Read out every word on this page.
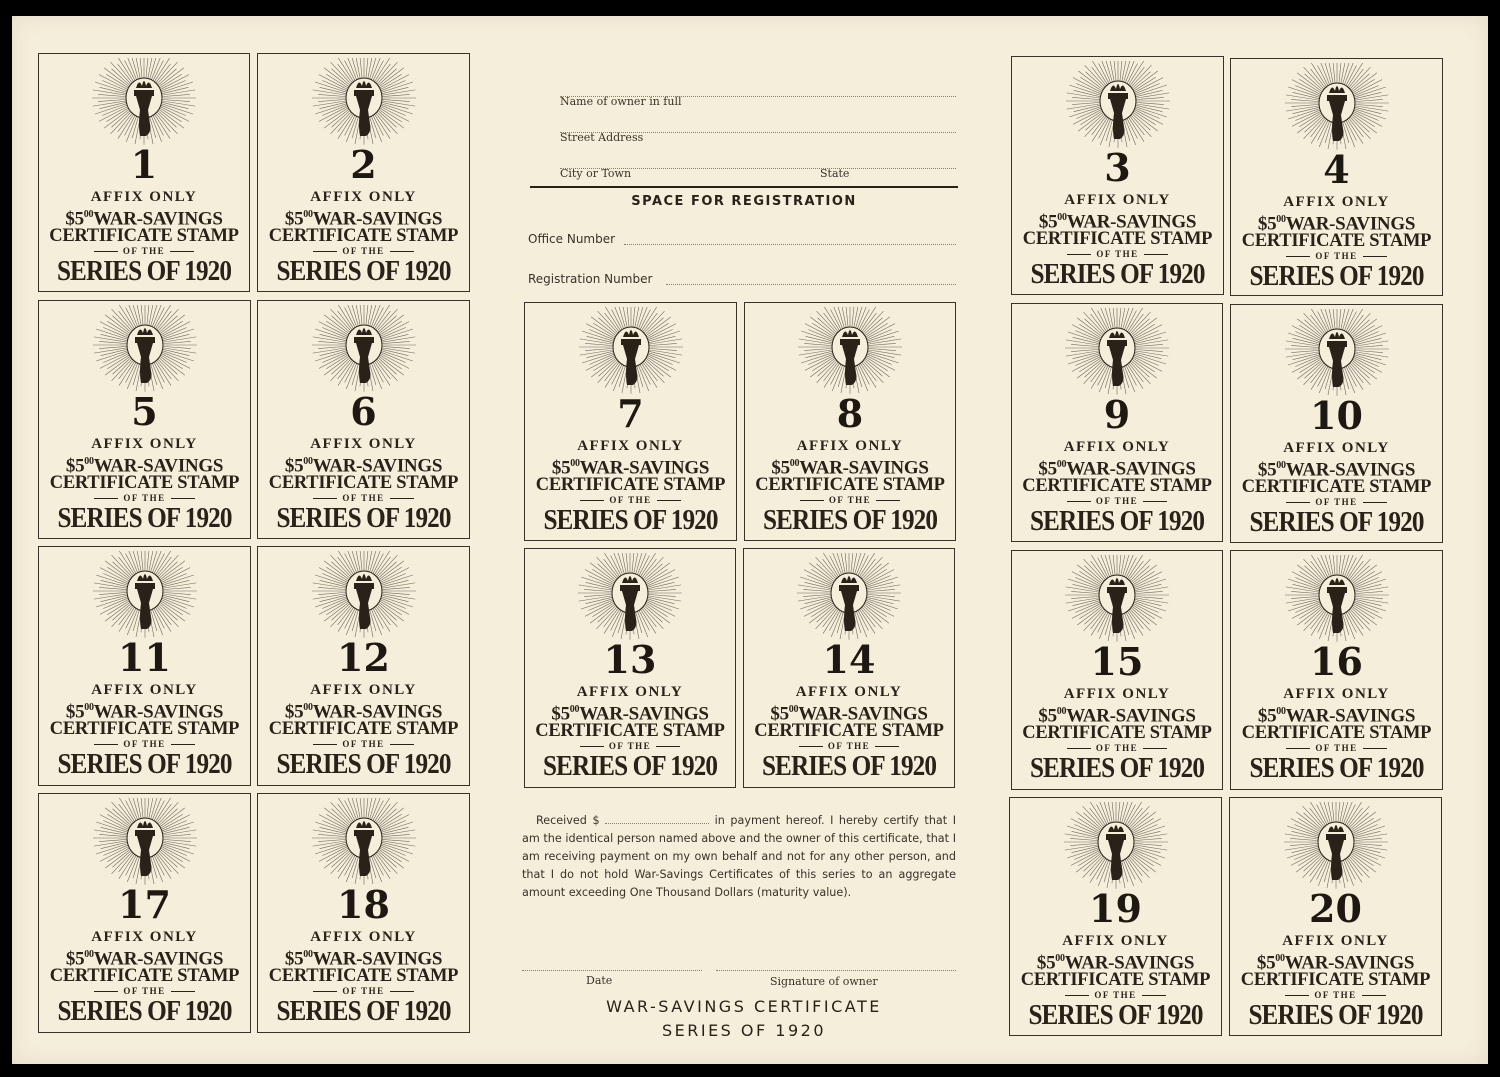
Name of owner in full
Street Address
City or Town	State
SPACE FOR REGISTRATION
Office Number
Registration Number
1
AFFIX ONLY
$\$5^{00}WAR$-SAVINGS
CERTIFICATE STAMP
OF THE
SERIES OF 1920
2
AFFIX ONLY
$\$5^{00}WAR$-SAVINGS
CERTIFICATE STAMP
OF THE
SERIES OF 1920
3
AFFIX ONLY
$\$5^{00}WAR$-SAVINGS
CERTIFICATE STAMP
OF THE
SERIES OF 1920
4
AFFIX ONLY
$\$5^{00}WAR$-SAVINGS
CERTIFICATE STAMP
OF THE
SERIES OF 1920
5
AFFIX ONLY
$\$5^{00}WAR$-SAVINGS
CERTIFICATE STAMP
OF THE
SERIES OF 1920
6
AFFIX ONLY
$\$5^{00}WAR$-SAVINGS
CERTIFICATE STAMP
OF THE
SERIES OF 1920
7
AFFIX ONLY
$\$5^{00}WAR$-SAVINGS
CERTIFICATE STAMP
OF THE
SERIES OF 1920
8
AFFIX ONLY
$\$5^{00}WAR$-SAVINGS
CERTIFICATE STAMP
OF THE
SERIES OF 1920
9
AFFIX ONLY
$\$5^{00}WAR$-SAVINGS
CERTIFICATE STAMP
OF THE
SERIES OF 1920
10
AFFIX ONLY
$\$5^{00}WAR$-SAVINGS
CERTIFICATE STAMP
OF THE
SERIES OF 1920
11
AFFIX ONLY
$\$5^{00}WAR$-SAVINGS
CERTIFICATE STAMP
OF THE
SERIES OF 1920
12
AFFIX ONLY
$\$5^{00}WAR$-SAVINGS
CERTIFICATE STAMP
OF THE
SERIES OF 1920
13
AFFIX ONLY
$\$5^{00}WAR$-SAVINGS
CERTIFICATE STAMP
OF THE
SERIES OF 1920
14
AFFIX ONLY
$\$5^{00}WAR$-SAVINGS
CERTIFICATE STAMP
OF THE
SERIES OF 1920
15
AFFIX ONLY
$\$5^{00}WAR$-SAVINGS
CERTIFICATE STAMP
OF THE
SERIES OF 1920
16
AFFIX ONLY
$\$5^{00}WAR$-SAVINGS
CERTIFICATE STAMP
OF THE
SERIES OF 1920
17
AFFIX ONLY
$\$5^{00}WAR$-SAVINGS
CERTIFICATE STAMP
OF THE
SERIES OF 1920
18
AFFIX ONLY
$\$5^{00}WAR$-SAVINGS
CERTIFICATE STAMP
OF THE
SERIES OF 1920
19
AFFIX ONLY
$\$5^{00}WAR$-SAVINGS
CERTIFICATE STAMP
OF THE
SERIES OF 1920
20
AFFIX ONLY
$\$5^{00}WAR$-SAVINGS
CERTIFICATE STAMP
OF THE
SERIES OF 1920
Received $	in payment hereof. I hereby certify that I am the identical person named above and the owner of this certificate, that I am receiving payment on my own behalf and not for any other person, and that I do not hold War-Savings Certificates of this series to an aggregate amount exceeding One Thousand Dollars (maturity value).
Date	Signature of owner
WAR-SAVINGS CERTIFICATE
SERIES OF 1920
